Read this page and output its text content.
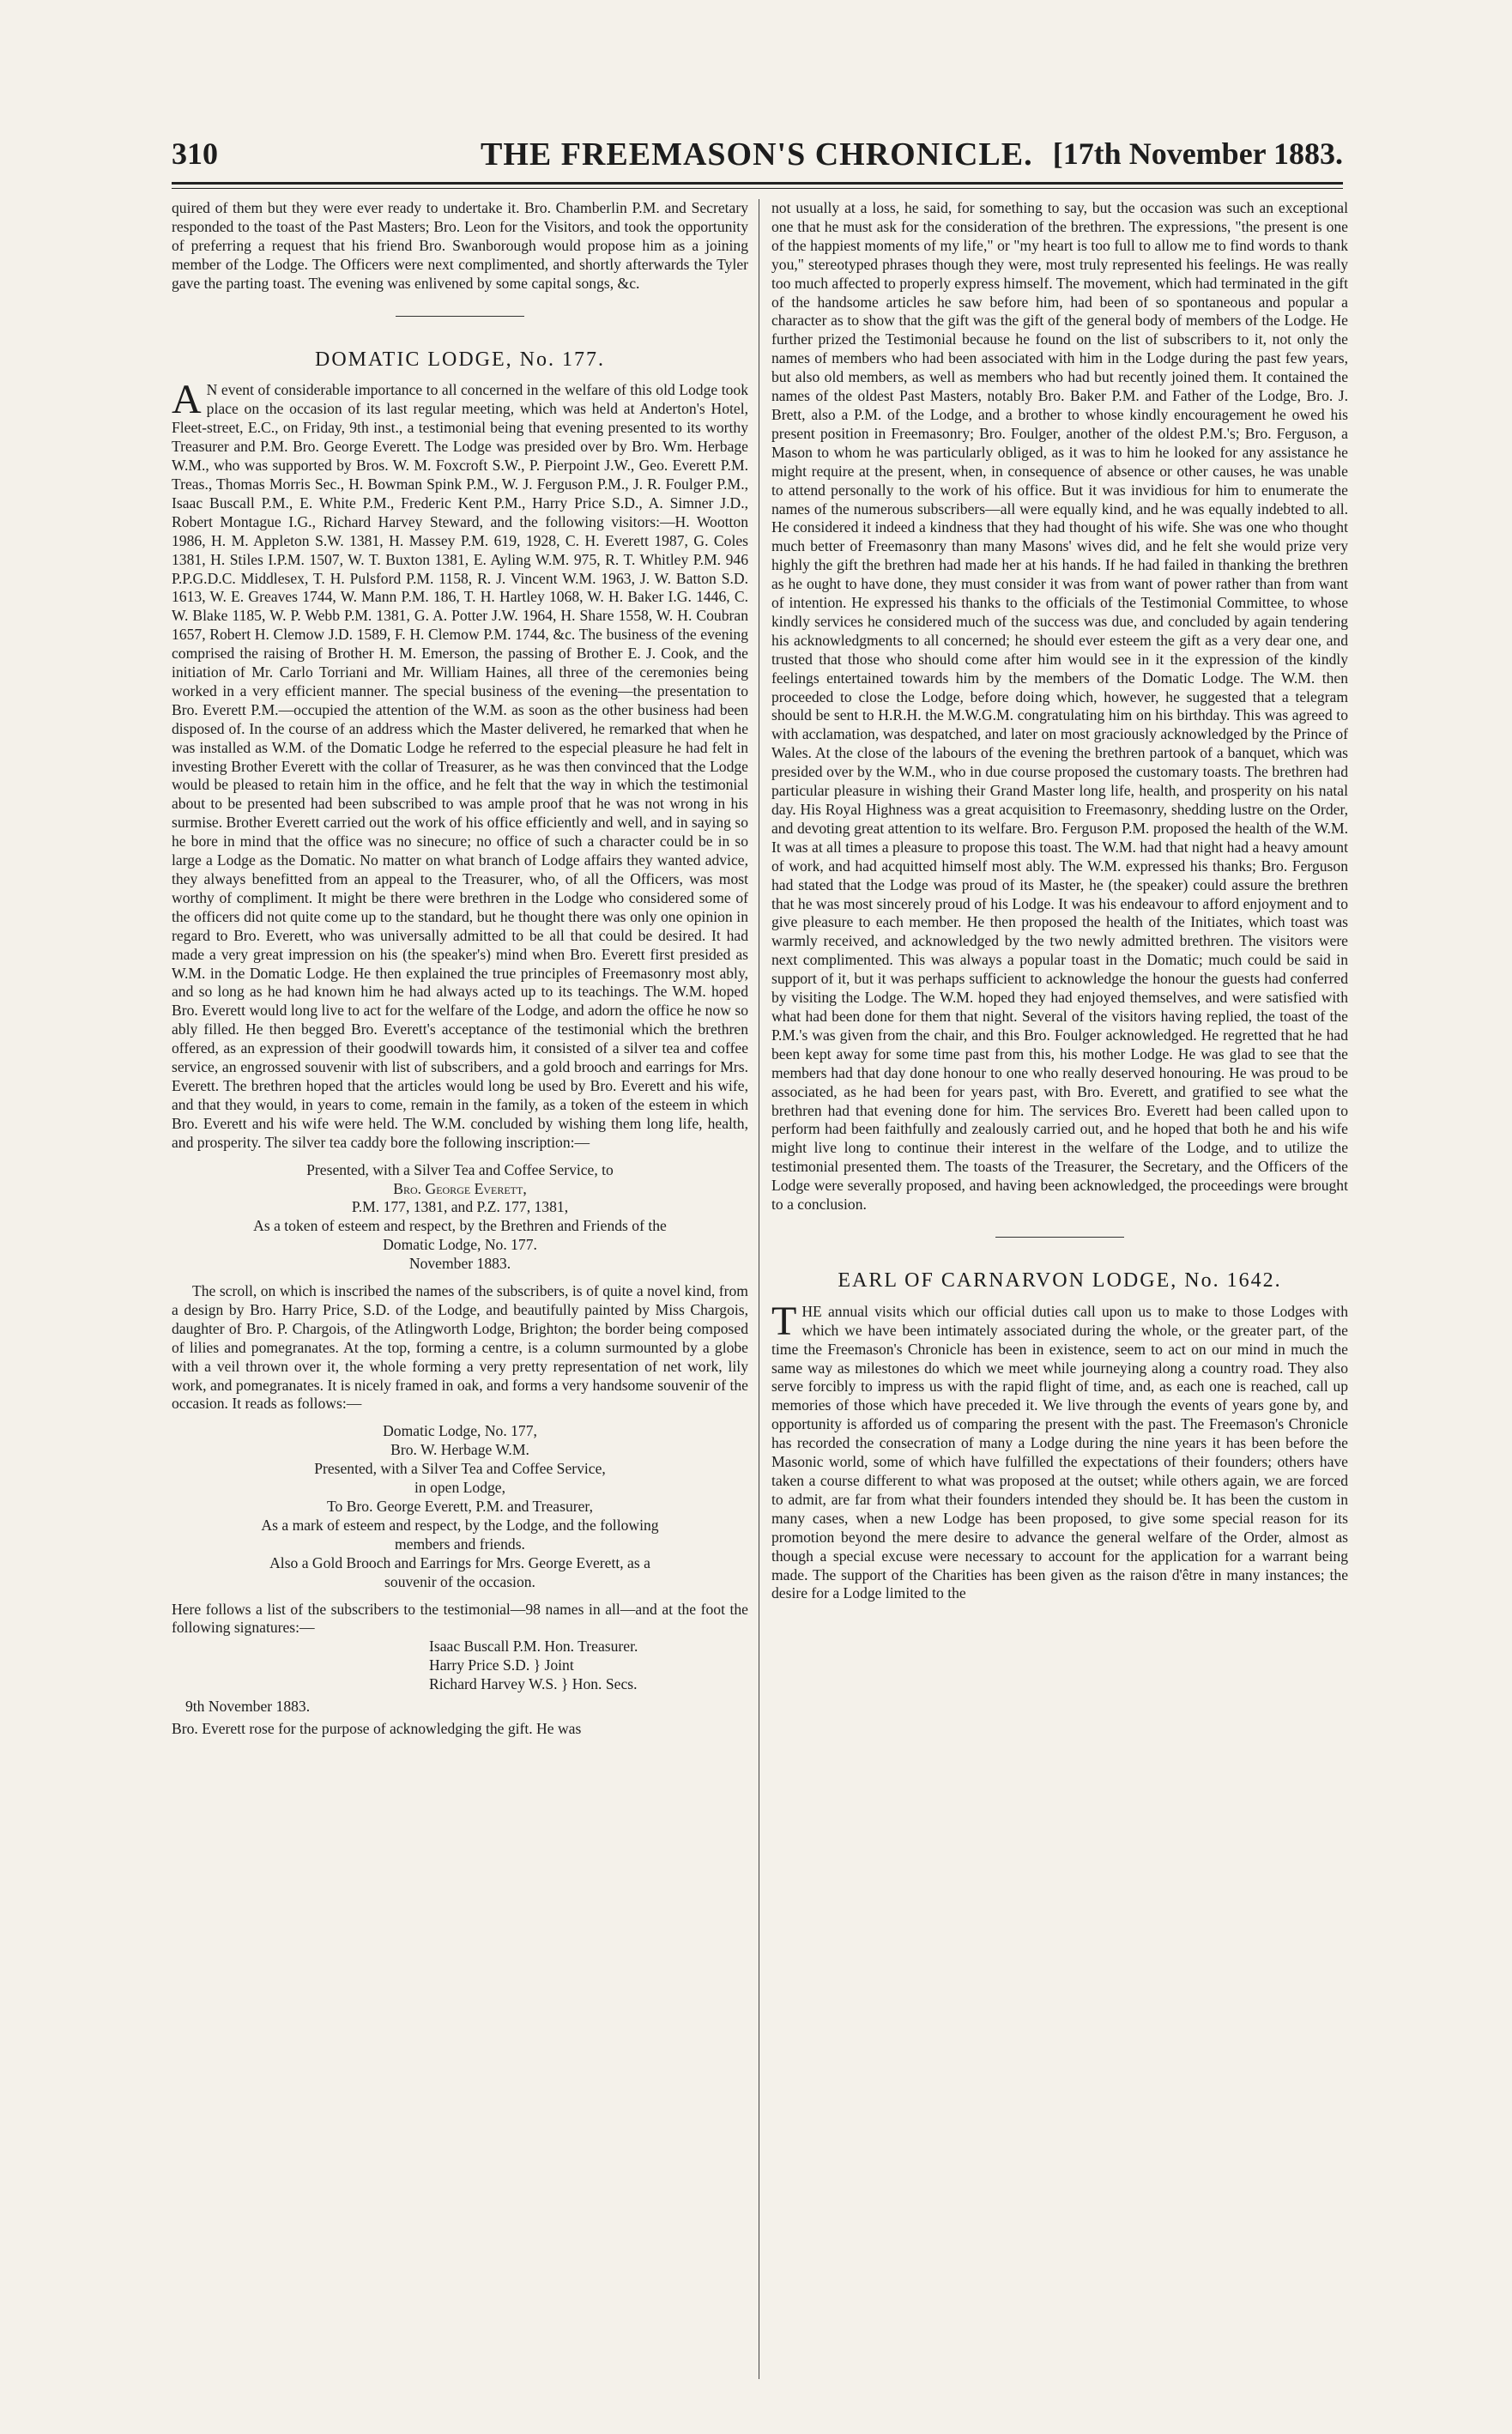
310	THE FREEMASON'S CHRONICLE. [17th November 1883.

quired of them but they were ever ready to undertake it. Bro. Chamberlin P.M. and Secretary responded to the toast of the Past Masters; Bro. Leon for the Visitors, and took the opportunity of preferring a request that his friend Bro. Swanborough would propose him as a joining member of the Lodge. The Officers were next complimented, and shortly afterwards the Tyler gave the parting toast. The evening was enlivened by some capital songs, &c.

DOMATIC LODGE, No. 177.

A N event of considerable importance to all concerned in the welfare of this old Lodge took place on the occasion of its last regular meeting, which was held at Anderton's Hotel, Fleet-street, E.C., on Friday, 9th inst., a testimonial being that evening presented to its worthy Treasurer and P.M. Bro. George Everett. The Lodge was presided over by Bro. Wm. Herbage W.M., who was supported by Bros. W. M. Foxcroft S.W., P. Pierpoint J.W., Geo. Everett P.M. Treas., Thomas Morris Sec., H. Bowman Spink P.M., W. J. Ferguson P.M., J. R. Foulger P.M., Isaac Buscall P.M., E. White P.M., Frederic Kent P.M., Harry Price S.D., A. Simner J.D., Robert Montague I.G., Richard Harvey Steward, and the following visitors:—H. Wootton 1986, H. M. Appleton S.W. 1381, H. Massey P.M. 619, 1928, C. H. Everett 1987, G. Coles 1381, H. Stiles I.P.M. 1507, W. T. Buxton 1381, E. Ayling W.M. 975, R. T. Whitley P.M. 946 P.P.G.D.C. Middlesex, T. H. Pulsford P.M. 1158, R. J. Vincent W.M. 1963, J. W. Batton S.D. 1613, W. E. Greaves 1744, W. Mann P.M. 186, T. H. Hartley 1068, W. H. Baker I.G. 1446, C. W. Blake 1185, W. P. Webb P.M. 1381, G. A. Potter J.W. 1964, H. Share 1558, W. H. Coubran 1657, Robert H. Clemow J.D. 1589, F. H. Clemow P.M. 1744, &c. The business of the evening comprised the raising of Brother H. M. Emerson, the passing of Brother E. J. Cook, and the initiation of Mr. Carlo Torriani and Mr. William Haines, all three of the ceremonies being worked in a very efficient manner. The special business of the evening—the presentation to Bro. Everett P.M.—occupied the attention of the W.M. as soon as the other business had been disposed of. In the course of an address which the Master delivered, he remarked that when he was installed as W.M. of the Domatic Lodge he referred to the especial pleasure he had felt in investing Brother Everett with the collar of Treasurer, as he was then convinced that the Lodge would be pleased to retain him in the office, and he felt that the way in which the testimonial about to be presented had been subscribed to was ample proof that he was not wrong in his surmise. Brother Everett carried out the work of his office efficiently and well, and in saying so he bore in mind that the office was no sinecure; no office of such a character could be in so large a Lodge as the Domatic. No matter on what branch of Lodge affairs they wanted advice, they always benefitted from an appeal to the Treasurer, who, of all the Officers, was most worthy of compliment. It might be there were brethren in the Lodge who considered some of the officers did not quite come up to the standard, but he thought there was only one opinion in regard to Bro. Everett, who was universally admitted to be all that could be desired. It had made a very great impression on his (the speaker's) mind when Bro. Everett first presided as W.M. in the Domatic Lodge. He then explained the true principles of Freemasonry most ably, and so long as he had known him he had always acted up to its teachings. The W.M. hoped Bro. Everett would long live to act for the welfare of the Lodge, and adorn the office he now so ably filled. He then begged Bro. Everett's acceptance of the testimonial which the brethren offered, as an expression of their goodwill towards him, it consisted of a silver tea and coffee service, an engrossed souvenir with list of subscribers, and a gold brooch and earrings for Mrs. Everett. The brethren hoped that the articles would long be used by Bro. Everett and his wife, and that they would, in years to come, remain in the family, as a token of the esteem in which Bro. Everett and his wife were held. The W.M. concluded by wishing them long life, health, and prosperity. The silver tea caddy bore the following inscription:—

Presented, with a Silver Tea and Coffee Service, to

Bro. George Everett,

P.M. 177, 1381, and P.Z. 177, 1381,

As a token of esteem and respect, by the Brethren and Friends of the

Domatic Lodge, No. 177.

November 1883.

The scroll, on which is inscribed the names of the subscribers, is of quite a novel kind, from a design by Bro. Harry Price, S.D. of the Lodge, and beautifully painted by Miss Chargois, daughter of Bro. P. Chargois, of the Atlingworth Lodge, Brighton; the border being composed of lilies and pomegranates. At the top, forming a centre, is a column surmounted by a globe with a veil thrown over it, the whole forming a very pretty representation of net work, lily work, and pomegranates. It is nicely framed in oak, and forms a very handsome souvenir of the occasion. It reads as follows:—

Domatic Lodge, No. 177,

Bro. W. Herbage W.M.

Presented, with a Silver Tea and Coffee Service,

in open Lodge,

To Bro. George Everett, P.M. and Treasurer,

As a mark of esteem and respect, by the Lodge, and the following

members and friends.

Also a Gold Brooch and Earrings for Mrs. George Everett, as a

souvenir of the occasion.

Here follows a list of the subscribers to the testimonial—98 names in all—and at the foot the following signatures:—

Isaac Buscall P.M. Hon. Treasurer.

Harry Price S.D. } Joint

Richard Harvey W.S. } Hon. Secs.

9th November 1883.

Bro. Everett rose for the purpose of acknowledging the gift. He was

not usually at a loss, he said, for something to say, but the occasion was such an exceptional one that he must ask for the consideration of the brethren. The expressions, "the present is one of the happiest moments of my life," or "my heart is too full to allow me to find words to thank you," stereotyped phrases though they were, most truly represented his feelings. He was really too much affected to properly express himself. The movement, which had terminated in the gift of the handsome articles he saw before him, had been of so spontaneous and popular a character as to show that the gift was the gift of the general body of members of the Lodge. He further prized the Testimonial because he found on the list of subscribers to it, not only the names of members who had been associated with him in the Lodge during the past few years, but also old members, as well as members who had but recently joined them. It contained the names of the oldest Past Masters, notably Bro. Baker P.M. and Father of the Lodge, Bro. J. Brett, also a P.M. of the Lodge, and a brother to whose kindly encouragement he owed his present position in Freemasonry; Bro. Foulger, another of the oldest P.M.'s; Bro. Ferguson, a Mason to whom he was particularly obliged, as it was to him he looked for any assistance he might require at the present, when, in consequence of absence or other causes, he was unable to attend personally to the work of his office. But it was invidious for him to enumerate the names of the numerous subscribers—all were equally kind, and he was equally indebted to all. He considered it indeed a kindness that they had thought of his wife. She was one who thought much better of Freemasonry than many Masons' wives did, and he felt she would prize very highly the gift the brethren had made her at his hands. If he had failed in thanking the brethren as he ought to have done, they must consider it was from want of power rather than from want of intention. He expressed his thanks to the officials of the Testimonial Committee, to whose kindly services he considered much of the success was due, and concluded by again tendering his acknowledgments to all concerned; he should ever esteem the gift as a very dear one, and trusted that those who should come after him would see in it the expression of the kindly feelings entertained towards him by the members of the Domatic Lodge. The W.M. then proceeded to close the Lodge, before doing which, however, he suggested that a telegram should be sent to H.R.H. the M.W.G.M. congratulating him on his birthday. This was agreed to with acclamation, was despatched, and later on most graciously acknowledged by the Prince of Wales. At the close of the labours of the evening the brethren partook of a banquet, which was presided over by the W.M., who in due course proposed the customary toasts. The brethren had particular pleasure in wishing their Grand Master long life, health, and prosperity on his natal day. His Royal Highness was a great acquisition to Freemasonry, shedding lustre on the Order, and devoting great attention to its welfare. Bro. Ferguson P.M. proposed the health of the W.M. It was at all times a pleasure to propose this toast. The W.M. had that night had a heavy amount of work, and had acquitted himself most ably. The W.M. expressed his thanks; Bro. Ferguson had stated that the Lodge was proud of its Master, he (the speaker) could assure the brethren that he was most sincerely proud of his Lodge. It was his endeavour to afford enjoyment and to give pleasure to each member. He then proposed the health of the Initiates, which toast was warmly received, and acknowledged by the two newly admitted brethren. The visitors were next complimented. This was always a popular toast in the Domatic; much could be said in support of it, but it was perhaps sufficient to acknowledge the honour the guests had conferred by visiting the Lodge. The W.M. hoped they had enjoyed themselves, and were satisfied with what had been done for them that night. Several of the visitors having replied, the toast of the P.M.'s was given from the chair, and this Bro. Foulger acknowledged. He regretted that he had been kept away for some time past from this, his mother Lodge. He was glad to see that the members had that day done honour to one who really deserved honouring. He was proud to be associated, as he had been for years past, with Bro. Everett, and gratified to see what the brethren had that evening done for him. The services Bro. Everett had been called upon to perform had been faithfully and zealously carried out, and he hoped that both he and his wife might live long to continue their interest in the welfare of the Lodge, and to utilize the testimonial presented them. The toasts of the Treasurer, the Secretary, and the Officers of the Lodge were severally proposed, and having been acknowledged, the proceedings were brought to a conclusion.

EARL OF CARNARVON LODGE, No. 1642.

THE annual visits which our official duties call upon us to make to those Lodges with which we have been intimately associated during the whole, or the greater part, of the time the Freemason's Chronicle has been in existence, seem to act on our mind in much the same way as milestones do which we meet while journeying along a country road. They also serve forcibly to impress us with the rapid flight of time, and, as each one is reached, call up memories of those which have preceded it. We live through the events of years gone by, and opportunity is afforded us of comparing the present with the past. The Freemason's Chronicle has recorded the consecration of many a Lodge during the nine years it has been before the Masonic world, some of which have fulfilled the expectations of their founders; others have taken a course different to what was proposed at the outset; while others again, we are forced to admit, are far from what their founders intended they should be. It has been the custom in many cases, when a new Lodge has been proposed, to give some special reason for its promotion beyond the mere desire to advance the general welfare of the Order, almost as though a special excuse were necessary to account for the application for a warrant being made. The support of the Charities has been given as the raison d'être in many instances; the desire for a Lodge limited to the
